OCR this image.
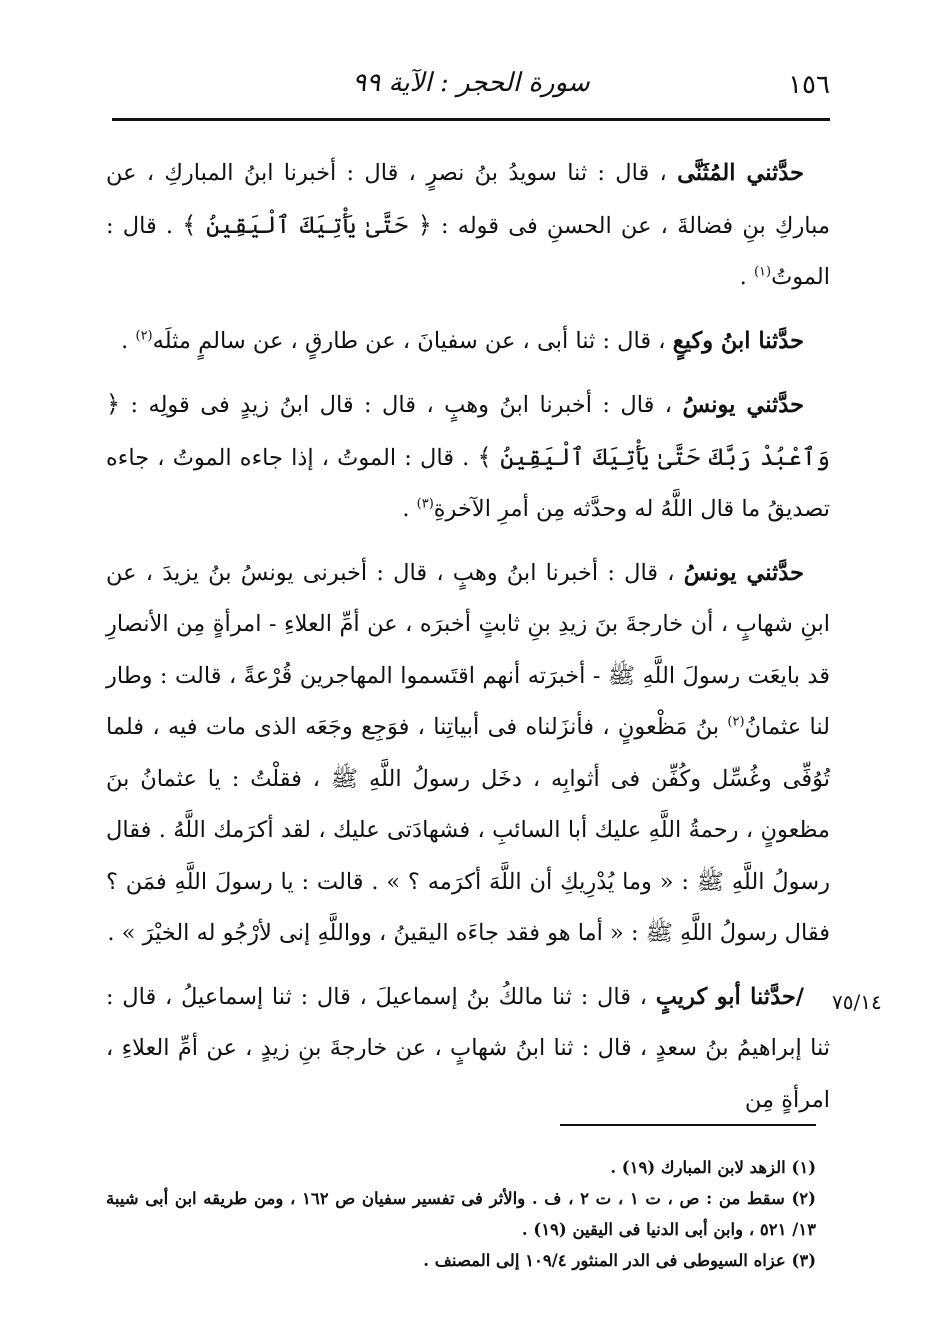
١٥٦
سورة الحجر : الآية ٩٩

حدَّثني المُثَنَّى ، قال : ثنا سويدُ بنُ نصرٍ ، قال : أخبرنا ابنُ المباركِ ، عن مباركِ بنِ فضالةَ ، عن الحسنِ فى قوله : ﴿ حَتَّىٰ يَأْتِيَكَ ٱلْيَقِينُ ﴾ . قال : الموتُ$^{(١)}$ .

حدَّثنا ابنُ وكيعٍ ، قال : ثنا أبى ، عن سفيانَ ، عن طارقٍ ، عن سالمٍ مثلَه$^{(٢)}$ .

حدَّثني يونسُ ، قال : أخبرنا ابنُ وهبٍ ، قال : قال ابنُ زيدٍ فى قولِه : ﴿ وَٱعْبُدْ رَبَّكَ حَتَّىٰ يَأْتِيَكَ ٱلْيَقِينُ ﴾ . قال : الموتُ ، إذا جاءه الموتُ ، جاءه تصديقُ ما قال اللَّهُ له وحدَّثه مِن أمرِ الآخرةِ$^{(٣)}$ .

حدَّثني يونسُ ، قال : أخبرنا ابنُ وهبٍ ، قال : أخبرنى يونسُ بنُ يزيدَ ، عن ابنِ شهابٍ ، أن خارجةَ بنَ زيدِ بنِ ثابتٍ أخبرَه ، عن أمِّ العلاءِ - امرأةٍ مِن الأنصارِ قد بايعَت رسولَ اللَّهِ ﷺ - أخبرَته أنهم اقتَسموا المهاجرين قُرْعةً ، قالت : وطار لنا عثمانُ$^{(٢)}$ بنُ مَظْعونٍ ، فأنزَلناه فى أبياتِنا ، فوَجِع وجَعَه الذى مات فيه ، فلما تُوُفِّى وغُسِّل وكُفِّن فى أثوابِه ، دخَل رسولُ اللَّهِ ﷺ ، فقلْتُ : يا عثمانُ بنَ مظعونٍ ، رحمةُ اللَّهِ عليك أبا السائبِ ، فشهادَتى عليك ، لقد أكرَمك اللَّهُ . فقال رسولُ اللَّهِ ﷺ : « وما يُدْرِيكِ أن اللَّهَ أكرَمه ؟ » . قالت : يا رسولَ اللَّهِ فمَن ؟ فقال رسولُ اللَّهِ ﷺ : « أما هو فقد جاءَه اليقينُ ، وواللَّهِ إنى لأرْجُو له الخيْرَ » .

/حدَّثنا أبو كريبٍ ، قال : ثنا مالكُ بنُ إسماعيلَ ، قال : ثنا إسماعيلُ ، قال : ثنا إبراهيمُ بنُ سعدٍ ، قال : ثنا ابنُ شهابٍ ، عن خارجةَ بنِ زيدٍ ، عن أمِّ العلاءِ ، امرأةٍ مِن

٧٥/١٤

(١) الزهد لابن المبارك (١٩) .

(٢) سقط من : ص ، ت ١ ، ت ٢ ، ف . والأثر فى تفسير سفيان ص ١٦٢ ، ومن طريقه ابن أبى شيبة ١٣/ ٥٢١ ، وابن أبى الدنيا فى اليقين (١٩) .

(٣) عزاه السيوطى فى الدر المنثور ١٠٩/٤ إلى المصنف .
